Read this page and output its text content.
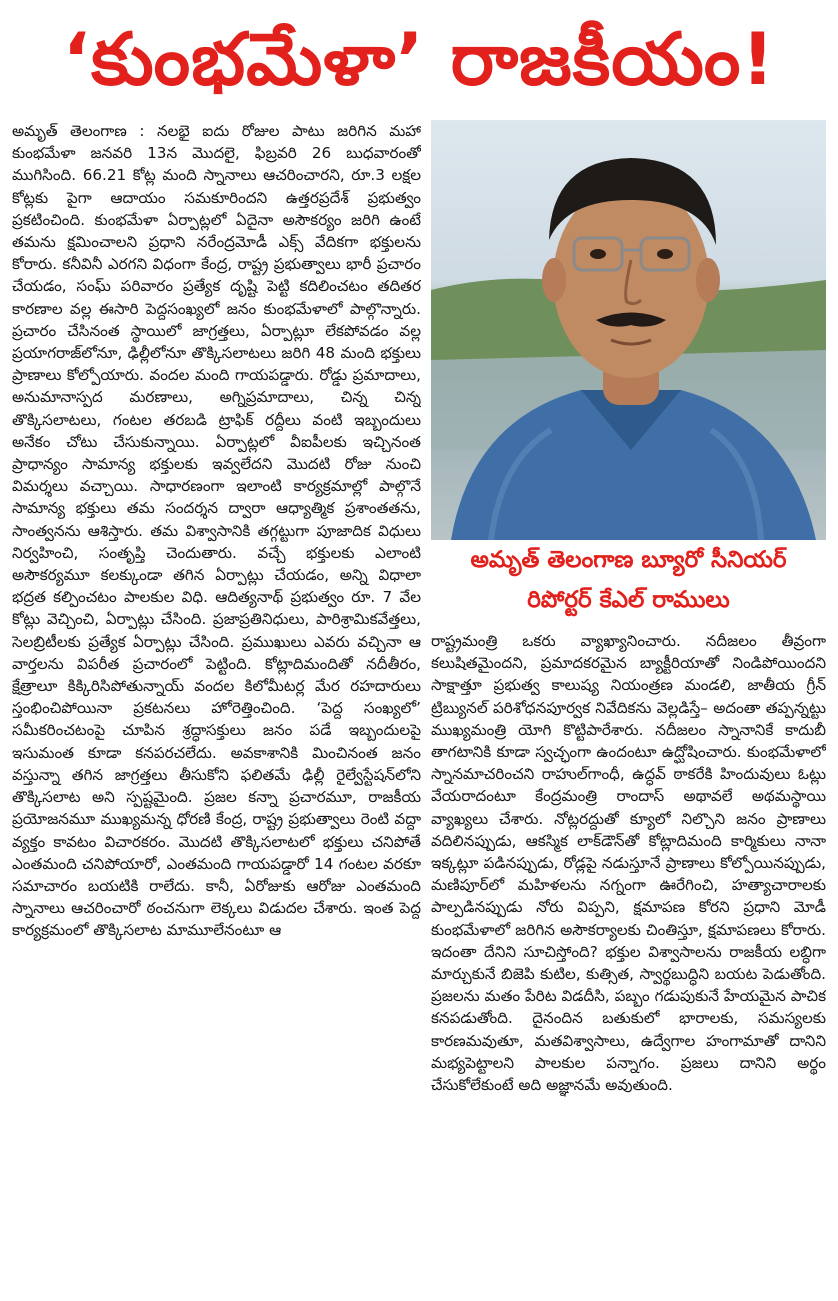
‘కుంభమేళా’ రాజకీయం!

అమృత్ తెలంగాణ : నలభై ఐదు రోజుల పాటు జరిగిన మహా కుంభమేళా జనవరి 13న మొదలై, ఫిబ్రవరి 26 బుధవారంతో ముగిసింది. 66.21 కోట్ల మంది స్నానాలు ఆచరించారని, రూ.3 లక్షల కోట్లకు పైగా ఆదాయం సమకూరిందని ఉత్తరప్రదేశ్ ప్రభుత్వం ప్రకటించింది. కుంభమేళా ఏర్పాట్లలో ఏదైనా అసౌకర్యం జరిగి ఉంటే తమను క్షమించాలని ప్రధాని నరేంద్రమోడీ ఎక్స్ వేదికగా భక్తులను కోరారు. కనీవినీ ఎరగని విధంగా కేంద్ర, రాష్ట్ర ప్రభుత్వాలు భారీ ప్రచారం చేయడం, సంఘ్ పరివారం ప్రత్యేక దృష్టి పెట్టి కదిలించటం తదితర కారణాల వల్ల ఈసారి పెద్దసంఖ్యలో జనం కుంభమేళాలో పాల్గొన్నారు. ప్రచారం చేసినంత స్థాయిలో జాగ్రత్తలు, ఏర్పాట్లూ లేకపోవడం వల్ల ప్రయాగరాజ్‌లోనూ, ఢిల్లీలోనూ తొక్కిసలాటలు జరిగి 48 మంది భక్తులు ప్రాణాలు కోల్పోయారు. వందల మంది గాయపడ్డారు. రోడ్డు ప్రమాదాలు, అనుమానాస్పద మరణాలు, అగ్నిప్రమాదాలు, చిన్న చిన్న తొక్కిసలాటలు, గంటల తరబడి ట్రాఫిక్ రద్దీలు వంటి ఇబ్బందులు అనేకం చోటు చేసుకున్నాయి. ఏర్పాట్లలో వీఐపీలకు ఇచ్చినంత ప్రాధాన్యం సామాన్య భక్తులకు ఇవ్వలేదని మొదటి రోజు నుంచి విమర్శలు వచ్చాయి. సాధారణంగా ఇలాంటి కార్యక్రమాల్లో పాల్గొనే సామాన్య భక్తులు తమ సందర్శన ద్వారా ఆధ్యాత్మిక ప్రశాంతతను, సాంత్వనను ఆశిస్తారు. తమ విశ్వాసానికి తగ్గట్టుగా పూజాదిక విధులు నిర్వహించి, సంతృప్తి చెందుతారు. వచ్చే భక్తులకు ఎలాంటి అసౌకర్యమూ కలక్కుండా తగిన ఏర్పాట్లు చేయడం, అన్ని విధాలా భద్రత కల్పించటం పాలకుల విధి. ఆదిత్యనాథ్ ప్రభుత్వం రూ. 7 వేల కోట్లు వెచ్చించి, ఏర్పాట్లు చేసింది. ప్రజాప్రతినిధులు, పారిశ్రామికవేత్తలు, సెలబ్రిటీలకు ప్రత్యేక ఏర్పాట్లు చేసింది. ప్రముఖులు ఎవరు వచ్చినా ఆ వార్తలను విపరీత ప్రచారంలో పెట్టింది. కోట్లాదిమందితో నదీతీరం, క్షేత్రాలూ కిక్కిరిసిపోతున్నాయ్ వందల కిలోమీటర్ల మేర రహదారులు స్తంభించిపోయినా ప్రకటనలు హోరెత్తించింది. ‘పెద్ద సంఖ్యలో’ సమీకరించటంపై చూపిన శ్రద్ధాసక్తులు జనం పడే ఇబ్బందులపై ఇసుమంత కూడా కనపరచలేదు. అవకాశానికి మించినంత జనం వస్తున్నా తగిన జాగ్రత్తలు తీసుకోని ఫలితమే ఢిల్లీ రైల్వేస్టేషన్‌లోని తొక్కిసలాట అని స్పష్టమైంది. ప్రజల కన్నా ప్రచారమూ, రాజకీయ ప్రయోజనమూ ముఖ్యమన్న ధోరణి కేంద్ర, రాష్ట్ర ప్రభుత్వాలు రెంటి వద్దా వ్యక్తం కావటం విచారకరం. మొదటి తొక్కిసలాటలో భక్తులు చనిపోతే ఎంతమంది చనిపోయారో, ఎంతమంది గాయపడ్డారో 14 గంటల వరకూ సమాచారం బయటికి రాలేదు. కానీ, ఏరోజుకు ఆరోజు ఎంతమంది స్నానాలు ఆచరించారో ఠంచనుగా లెక్కలు విడుదల చేశారు. ఇంత పెద్ద కార్యక్రమంలో తొక్కిసలాట మామూలేనంటూ ఆ

అమృత్ తెలంగాణ బ్యూరో సీనియర్
రిపోర్టర్ కేఎల్ రాములు

రాష్ట్రమంత్రి ఒకరు వ్యాఖ్యానించారు. నదీజలం తీవ్రంగా కలుషితమైందని, ప్రమాదకరమైన బ్యాక్టీరియాతో నిండిపోయిందని సాక్షాత్తూ ప్రభుత్వ కాలుష్య నియంత్రణ మండలి, జాతీయ గ్రీన్ ట్రిబ్యునల్ పరిశోధనపూర్వక నివేదికను వెల్లడిస్తే– అదంతా తప్పన్నట్టు ముఖ్యమంత్రి యోగి కొట్టిపారేశారు. నదీజలం స్నానానికే కాదుబీ తాగటానికి కూడా స్వచ్ఛంగా ఉందంటూ ఉద్ఘోషించారు. కుంభమేళాలో స్నానమాచరించని రాహుల్‌గాంధీ, ఉద్ధవ్ ఠాకరేకి హిందువులు ఓట్లు వేయరాదంటూ కేంద్రమంత్రి రాందాస్ అథావలే అథమస్థాయి వ్యాఖ్యలు చేశారు. నోట్లరద్దుతో క్యూలో నిల్చొని జనం ప్రాణాలు వదిలినప్పుడు, ఆకస్మిక లాక్‌డౌన్‌తో కోట్లాదిమంది కార్మికులు నానా ఇక్కట్లూ పడినప్పుడు, రోడ్లపై నడుస్తూనే ప్రాణాలు కోల్పోయినప్పుడు, మణిపూర్‌లో మహిళలను నగ్నంగా ఊరేగించి, హత్యాచారాలకు పాల్పడినప్పుడు నోరు విప్పని, క్షమాపణ కోరని ప్రధాని మోడీ కుంభమేళాలో జరిగిన అసౌకర్యాలకు చింతిస్తూ, క్షమాపణలు కోరారు. ఇదంతా దేనిని సూచిస్తోంది? భక్తుల విశ్వాసాలను రాజకీయ లబ్ధిగా మార్చుకునే బిజెపి కుటిల, కుత్సిత, స్వార్థబుద్ధిని బయట పెడుతోంది. ప్రజలను మతం పేరిట విడదీసి, పబ్బం గడుపుకునే హేయమైన పాచిక కనపడుతోంది. దైనందిన బతుకులో భారాలకు, సమస్యలకు కారణమవుతూ, మతవిశ్వాసాలు, ఉద్వేగాల హంగామాతో దానిని మభ్యపెట్టాలని పాలకుల పన్నాగం. ప్రజలు దానిని అర్థం చేసుకోలేకుంటే అది అజ్ఞానమే అవుతుంది.
